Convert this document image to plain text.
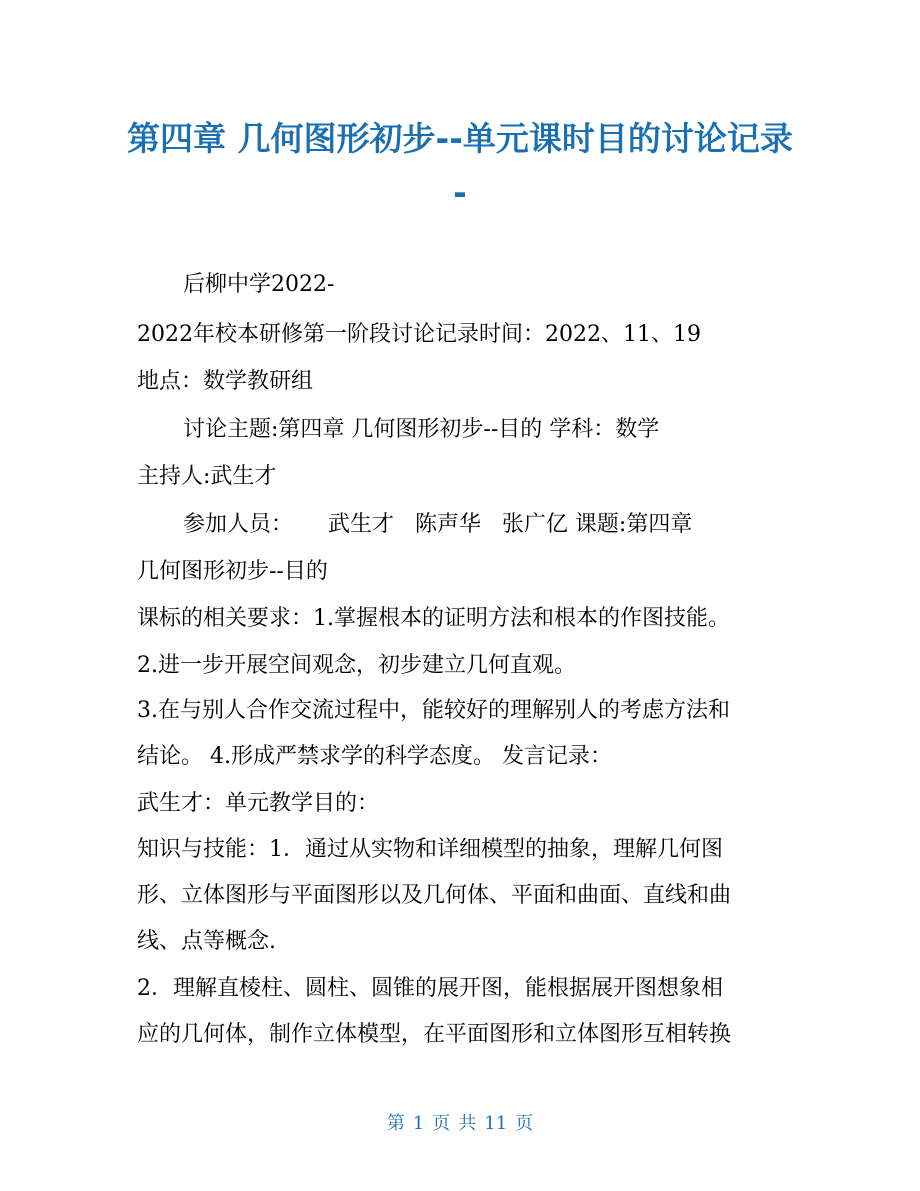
第四章 几何图形初步--单元课时目的讨论记录
-
后柳中学2022-
2022年校本研修第一阶段讨论记录时间：2022、11、19
地点：数学教研组
讨论主题:第四章 几何图形初步--目的 学科：数学
主持人:武生才
参加人员：     武生才   陈声华   张广亿 课题:第四章
几何图形初步--目的
课标的相关要求：1.掌握根本的证明方法和根本的作图技能。
2.进一步开展空间观念，初步建立几何直观。
3.在与别人合作交流过程中，能较好的理解别人的考虑方法和
结论。 4.形成严禁求学的科学态度。 发言记录：
武生才：单元教学目的：
知识与技能：1．通过从实物和详细模型的抽象，理解几何图
形、立体图形与平面图形以及几何体、平面和曲面、直线和曲
线、点等概念.
2．理解直棱柱、圆柱、圆锥的展开图，能根据展开图想象相
应的几何体，制作立体模型，在平面图形和立体图形互相转换
第 1 页 共 11 页
